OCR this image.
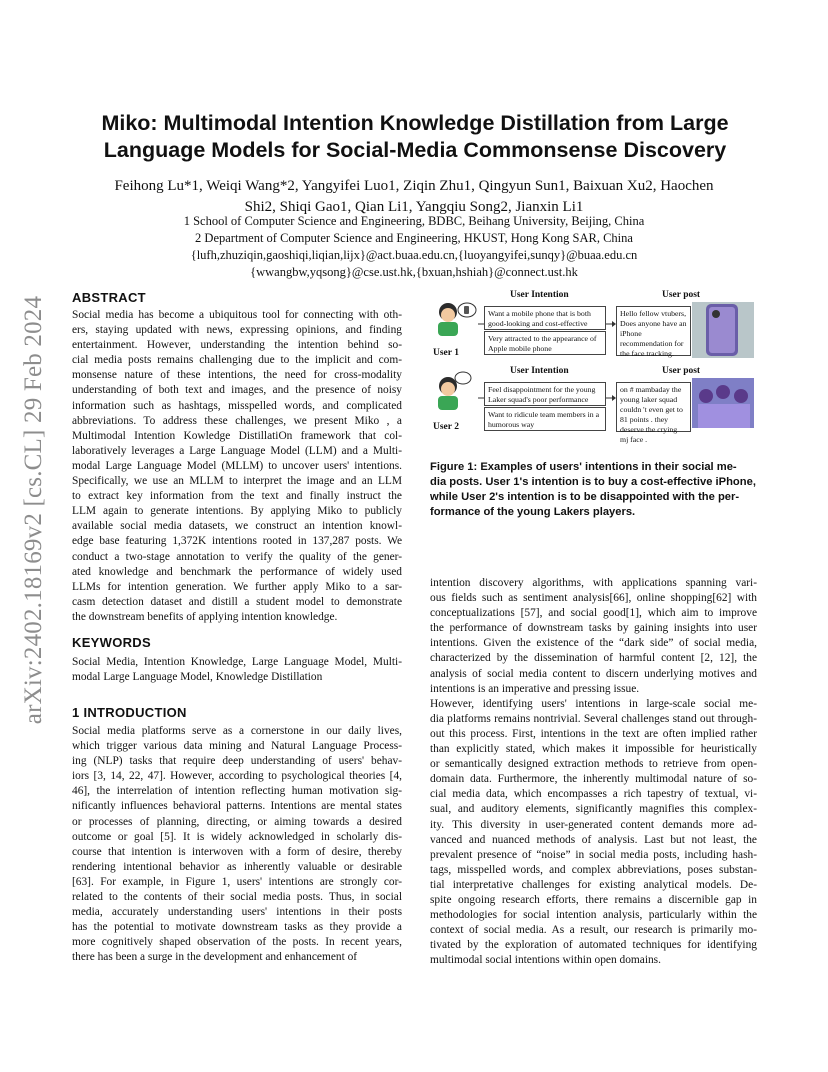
arXiv:2402.18169v2 [cs.CL] 29 Feb 2024
Miko: Multimodal Intention Knowledge Distillation from Large
Language Models for Social-Media Commonsense Discovery
Feihong Lu*1, Weiqi Wang*2, Yangyifei Luo1, Ziqin Zhu1, Qingyun Sun1, Baixuan Xu2, Haochen
Shi2, Shiqi Gao1, Qian Li1, Yangqiu Song2, Jianxin Li1
1 School of Computer Science and Engineering, BDBC, Beihang University, Beijing, China
2 Department of Computer Science and Engineering, HKUST, Hong Kong SAR, China
{lufh,zhuziqin,gaoshiqi,liqian,lijx}@act.buaa.edu.cn,{luoyangyifei,sunqy}@buaa.edu.cn
{wwangbw,yqsong}@cse.ust.hk,{bxuan,hshiah}@connect.ust.hk
ABSTRACT
Social media has become a ubiquitous tool for connecting with oth-
ers, staying updated with news, expressing opinions, and finding
entertainment. However, understanding the intention behind so-
cial media posts remains challenging due to the implicit and com-
monsense nature of these intentions, the need for cross-modality
understanding of both text and images, and the presence of noisy
information such as hashtags, misspelled words, and complicated
abbreviations. To address these challenges, we present Miko , a
Multimodal Intention Kowledge DistillatiOn framework that col-
laboratively leverages a Large Language Model (LLM) and a Multi-
modal Large Language Model (MLLM) to uncover users' intentions.
Specifically, we use an MLLM to interpret the image and an LLM
to extract key information from the text and finally instruct the
LLM again to generate intentions. By applying Miko to publicly
available social media datasets, we construct an intention knowl-
edge base featuring 1,372K intentions rooted in 137,287 posts. We
conduct a two-stage annotation to verify the quality of the gener-
ated knowledge and benchmark the performance of widely used
LLMs for intention generation. We further apply Miko to a sar-
casm detection dataset and distill a student model to demonstrate
the downstream benefits of applying intention knowledge.
KEYWORDS
Social Media, Intention Knowledge, Large Language Model, Multi-
modal Large Language Model, Knowledge Distillation
1 INTRODUCTION
Social media platforms serve as a cornerstone in our daily lives,
which trigger various data mining and Natural Language Process-
ing (NLP) tasks that require deep understanding of users' behav-
iors [3, 14, 22, 47]. However, according to psychological theories [4,
46], the interrelation of intention reflecting human motivation sig-
nificantly influences behavioral patterns. Intentions are mental states
or processes of planning, directing, or aiming towards a desired
outcome or goal [5]. It is widely acknowledged in scholarly dis-
course that intention is interwoven with a form of desire, thereby
rendering intentional behavior as inherently valuable or desirable
[63]. For example, in Figure 1, users' intentions are strongly cor-
related to the contents of their social media posts. Thus, in social
media, accurately understanding users' intentions in their posts
has the potential to motivate downstream tasks as they provide a
more cognitively shaped observation of the posts. In recent years,
there has been a surge in the development and enhancement of
User Intention	User post
User 1
Want a mobile phone that is both good-looking and cost-effective
Very attracted to the appearance of Apple mobile phone
Hello fellow vtubers, Does anyone have an iPhone recommendation for the face tracking.
User Intention	User post
User 2
Feel disappointment for the young Laker squad's poor performance
Want to ridicule team members in a humorous way
on # mambaday the young laker squad couldn 't even get to 81 points . they deserve the crying mj face .
Figure 1: Examples of users' intentions in their social me-
dia posts. User 1's intention is to buy a cost-effective iPhone,
while User 2's intention is to be disappointed with the per-
formance of the young Lakers players.
intention discovery algorithms, with applications spanning vari-
ous fields such as sentiment analysis[66], online shopping[62] with
conceptualizations [57], and social good[1], which aim to improve
the performance of downstream tasks by gaining insights into user
intentions. Given the existence of the “dark side” of social media,
characterized by the dissemination of harmful content [2, 12], the
analysis of social media content to discern underlying motives and
intentions is an imperative and pressing issue.
However, identifying users' intentions in large-scale social me-
dia platforms remains nontrivial. Several challenges stand out through-
out this process. First, intentions in the text are often implied rather
than explicitly stated, which makes it impossible for heuristically
or semantically designed extraction methods to retrieve from open-
domain data. Furthermore, the inherently multimodal nature of so-
cial media data, which encompasses a rich tapestry of textual, vi-
sual, and auditory elements, significantly magnifies this complex-
ity. This diversity in user-generated content demands more ad-
vanced and nuanced methods of analysis. Last but not least, the
prevalent presence of “noise” in social media posts, including hash-
tags, misspelled words, and complex abbreviations, poses substan-
tial interpretative challenges for existing analytical models. De-
spite ongoing research efforts, there remains a discernible gap in
methodologies for social intention analysis, particularly within the
context of social media. As a result, our research is primarily mo-
tivated by the exploration of automated techniques for identifying
multimodal social intentions within open domains.
